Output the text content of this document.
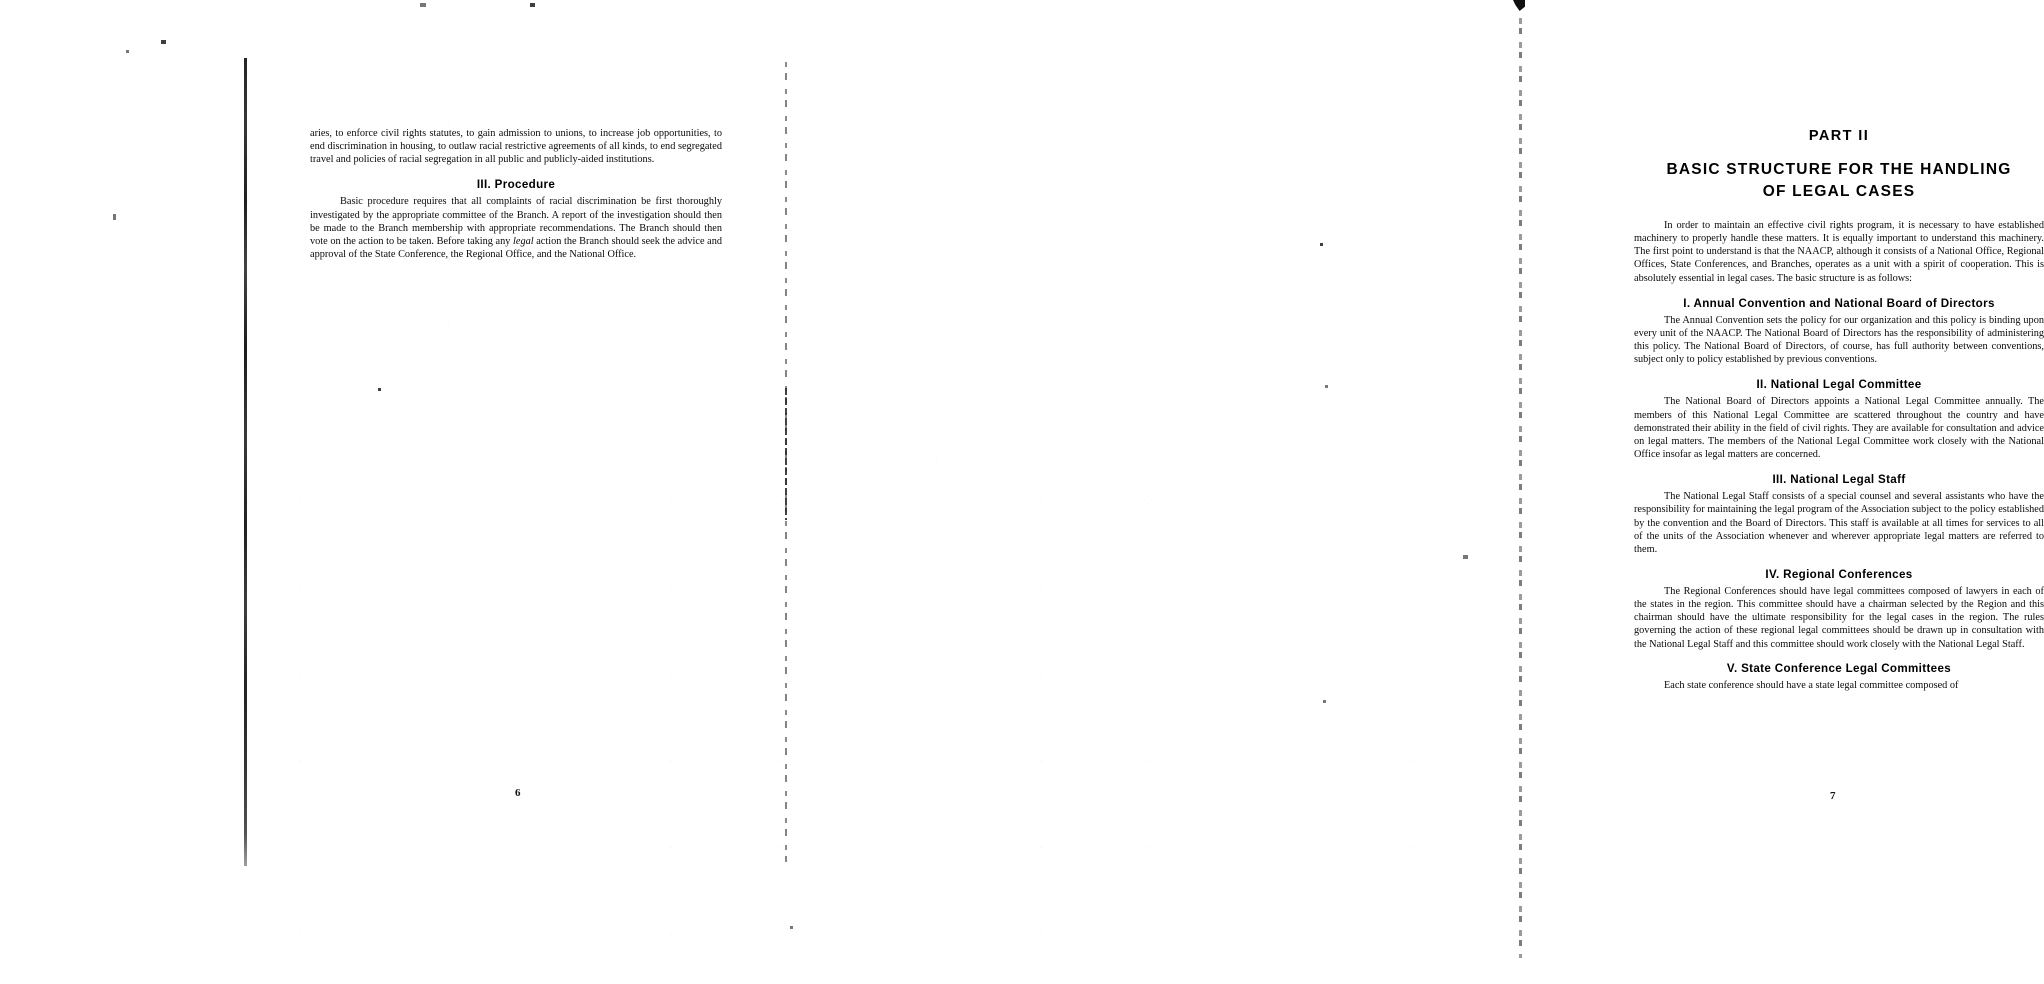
aries, to enforce civil rights statutes, to gain admission to unions, to increase job opportunities, to end discrimination in housing, to outlaw racial restrictive agreements of all kinds, to end segregated travel and policies of racial segregation in all public and publicly-aided institutions.

III. Procedure

Basic procedure requires that all complaints of racial discrimination be first thoroughly investigated by the appropriate committee of the Branch. A report of the investigation should then be made to the Branch membership with appropriate recommendations. The Branch should then vote on the action to be taken. Before taking any legal action the Branch should seek the advice and approval of the State Conference, the Regional Office, and the National Office.

6
PART II
BASIC STRUCTURE FOR THE HANDLING
OF LEGAL CASES

In order to maintain an effective civil rights program, it is necessary to have established machinery to properly handle these matters. It is equally important to understand this machinery. The first point to understand is that the NAACP, although it consists of a National Office, Regional Offices, State Conferences, and Branches, operates as a unit with a spirit of cooperation. This is absolutely essential in legal cases. The basic structure is as follows:

I. Annual Convention and National Board of Directors

The Annual Convention sets the policy for our organization and this policy is binding upon every unit of the NAACP. The National Board of Directors has the responsibility of administering this policy. The National Board of Directors, of course, has full authority between conventions, subject only to policy established by previous conventions.

II. National Legal Committee

The National Board of Directors appoints a National Legal Committee annually. The members of this National Legal Committee are scattered throughout the country and have demonstrated their ability in the field of civil rights. They are available for consultation and advice on legal matters. The members of the National Legal Committee work closely with the National Office insofar as legal matters are concerned.

III. National Legal Staff

The National Legal Staff consists of a special counsel and several assistants who have the responsibility for maintaining the legal program of the Association subject to the policy established by the convention and the Board of Directors. This staff is available at all times for services to all of the units of the Association whenever and wherever appropriate legal matters are referred to them.

IV. Regional Conferences

The Regional Conferences should have legal committees composed of lawyers in each of the states in the region. This committee should have a chairman selected by the Region and this chairman should have the ultimate responsibility for the legal cases in the region. The rules governing the action of these regional legal committees should be drawn up in consultation with the National Legal Staff and this committee should work closely with the National Legal Staff.

V. State Conference Legal Committees

Each state conference should have a state legal committee composed of

7
